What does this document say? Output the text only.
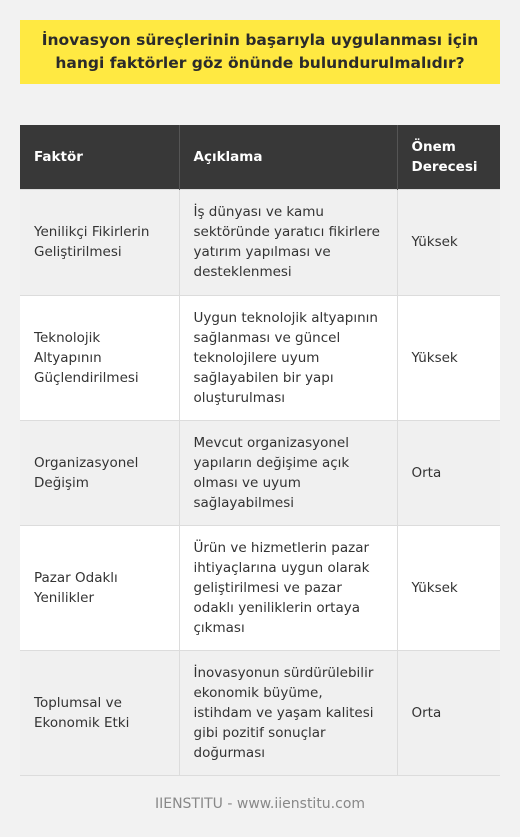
İnovasyon süreçlerinin başarıyla uygulanması için hangi faktörler göz önünde bulundurulmalıdır?
Faktör	Açıklama	Önem Derecesi
Yenilikçi Fikirlerin Geliştirilmesi	İş dünyası ve kamu sektöründe yaratıcı fikirlere yatırım yapılması ve desteklenmesi	Yüksek
Teknolojik Altyapının Güçlendirilmesi	Uygun teknolojik altyapının sağlanması ve güncel teknolojilere uyum sağlayabilen bir yapı oluşturulması	Yüksek
Organizasyonel Değişim	Mevcut organizasyonel yapıların değişime açık olması ve uyum sağlayabilmesi	Orta
Pazar Odaklı Yenilikler	Ürün ve hizmetlerin pazar ihtiyaçlarına uygun olarak geliştirilmesi ve pazar odaklı yeniliklerin ortaya çıkması	Yüksek
Toplumsal ve Ekonomik Etki	İnovasyonun sürdürülebilir ekonomik büyüme, istihdam ve yaşam kalitesi gibi pozitif sonuçlar doğurması	Orta
IIENSTITU - www.iienstitu.com
